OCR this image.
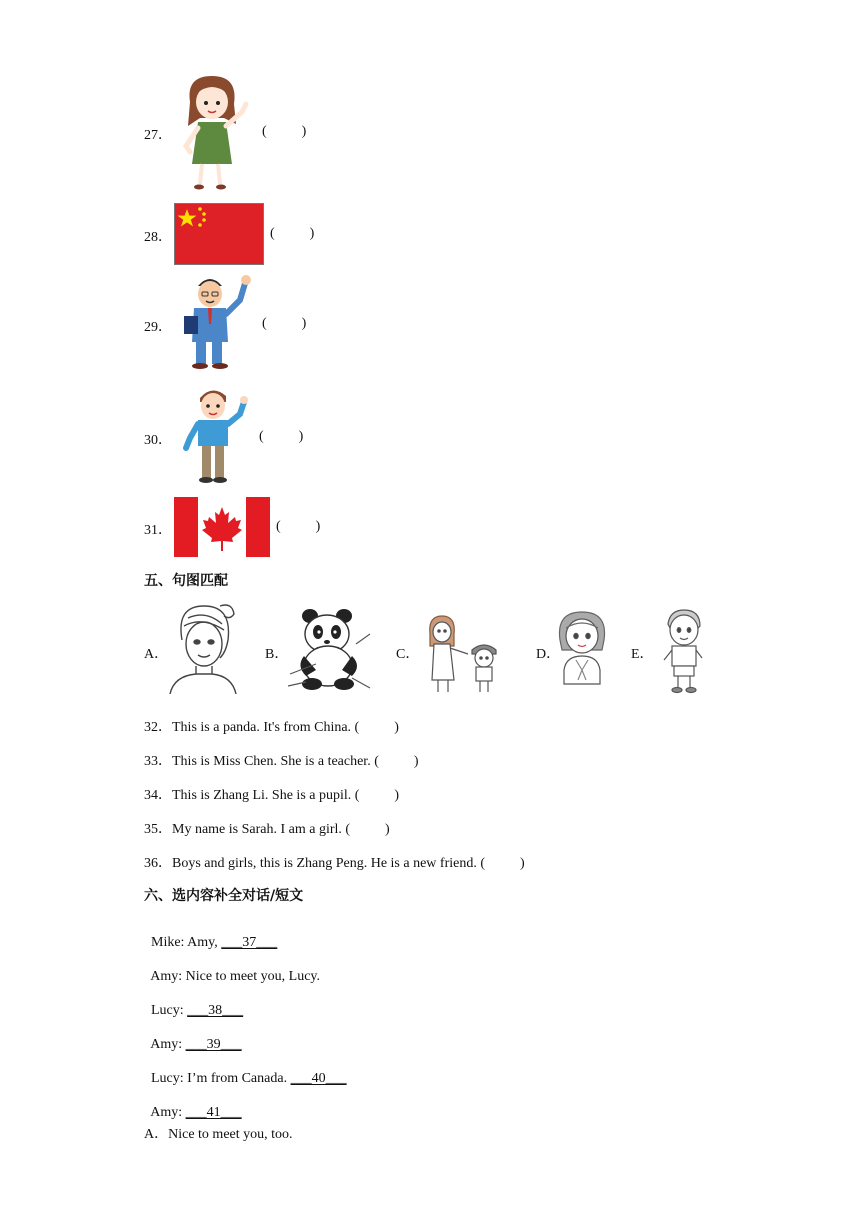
27．	(          )
28．	(          )
29．	(          )
30．	(          )
31．	(          )
五、句图匹配
A．	B．	C．	D．	E．
32．This is a panda. It's from China. (          )
33．This is Miss Chen. She is a teacher. (          )
34．This is Zhang Li. She is a pupil. (          )
35．My name is Sarah. I am a girl. (          )
36．Boys and girls, this is Zhang Peng. He is a new friend. (          )
六、选内容补全对话/短文

Mike: Amy, ___37___

Amy: Nice to meet you, Lucy.

Lucy: ___38___

Amy: ___39___

Lucy: I’m from Canada. ___40___

Amy: ___41___

A．Nice to meet you, too.
